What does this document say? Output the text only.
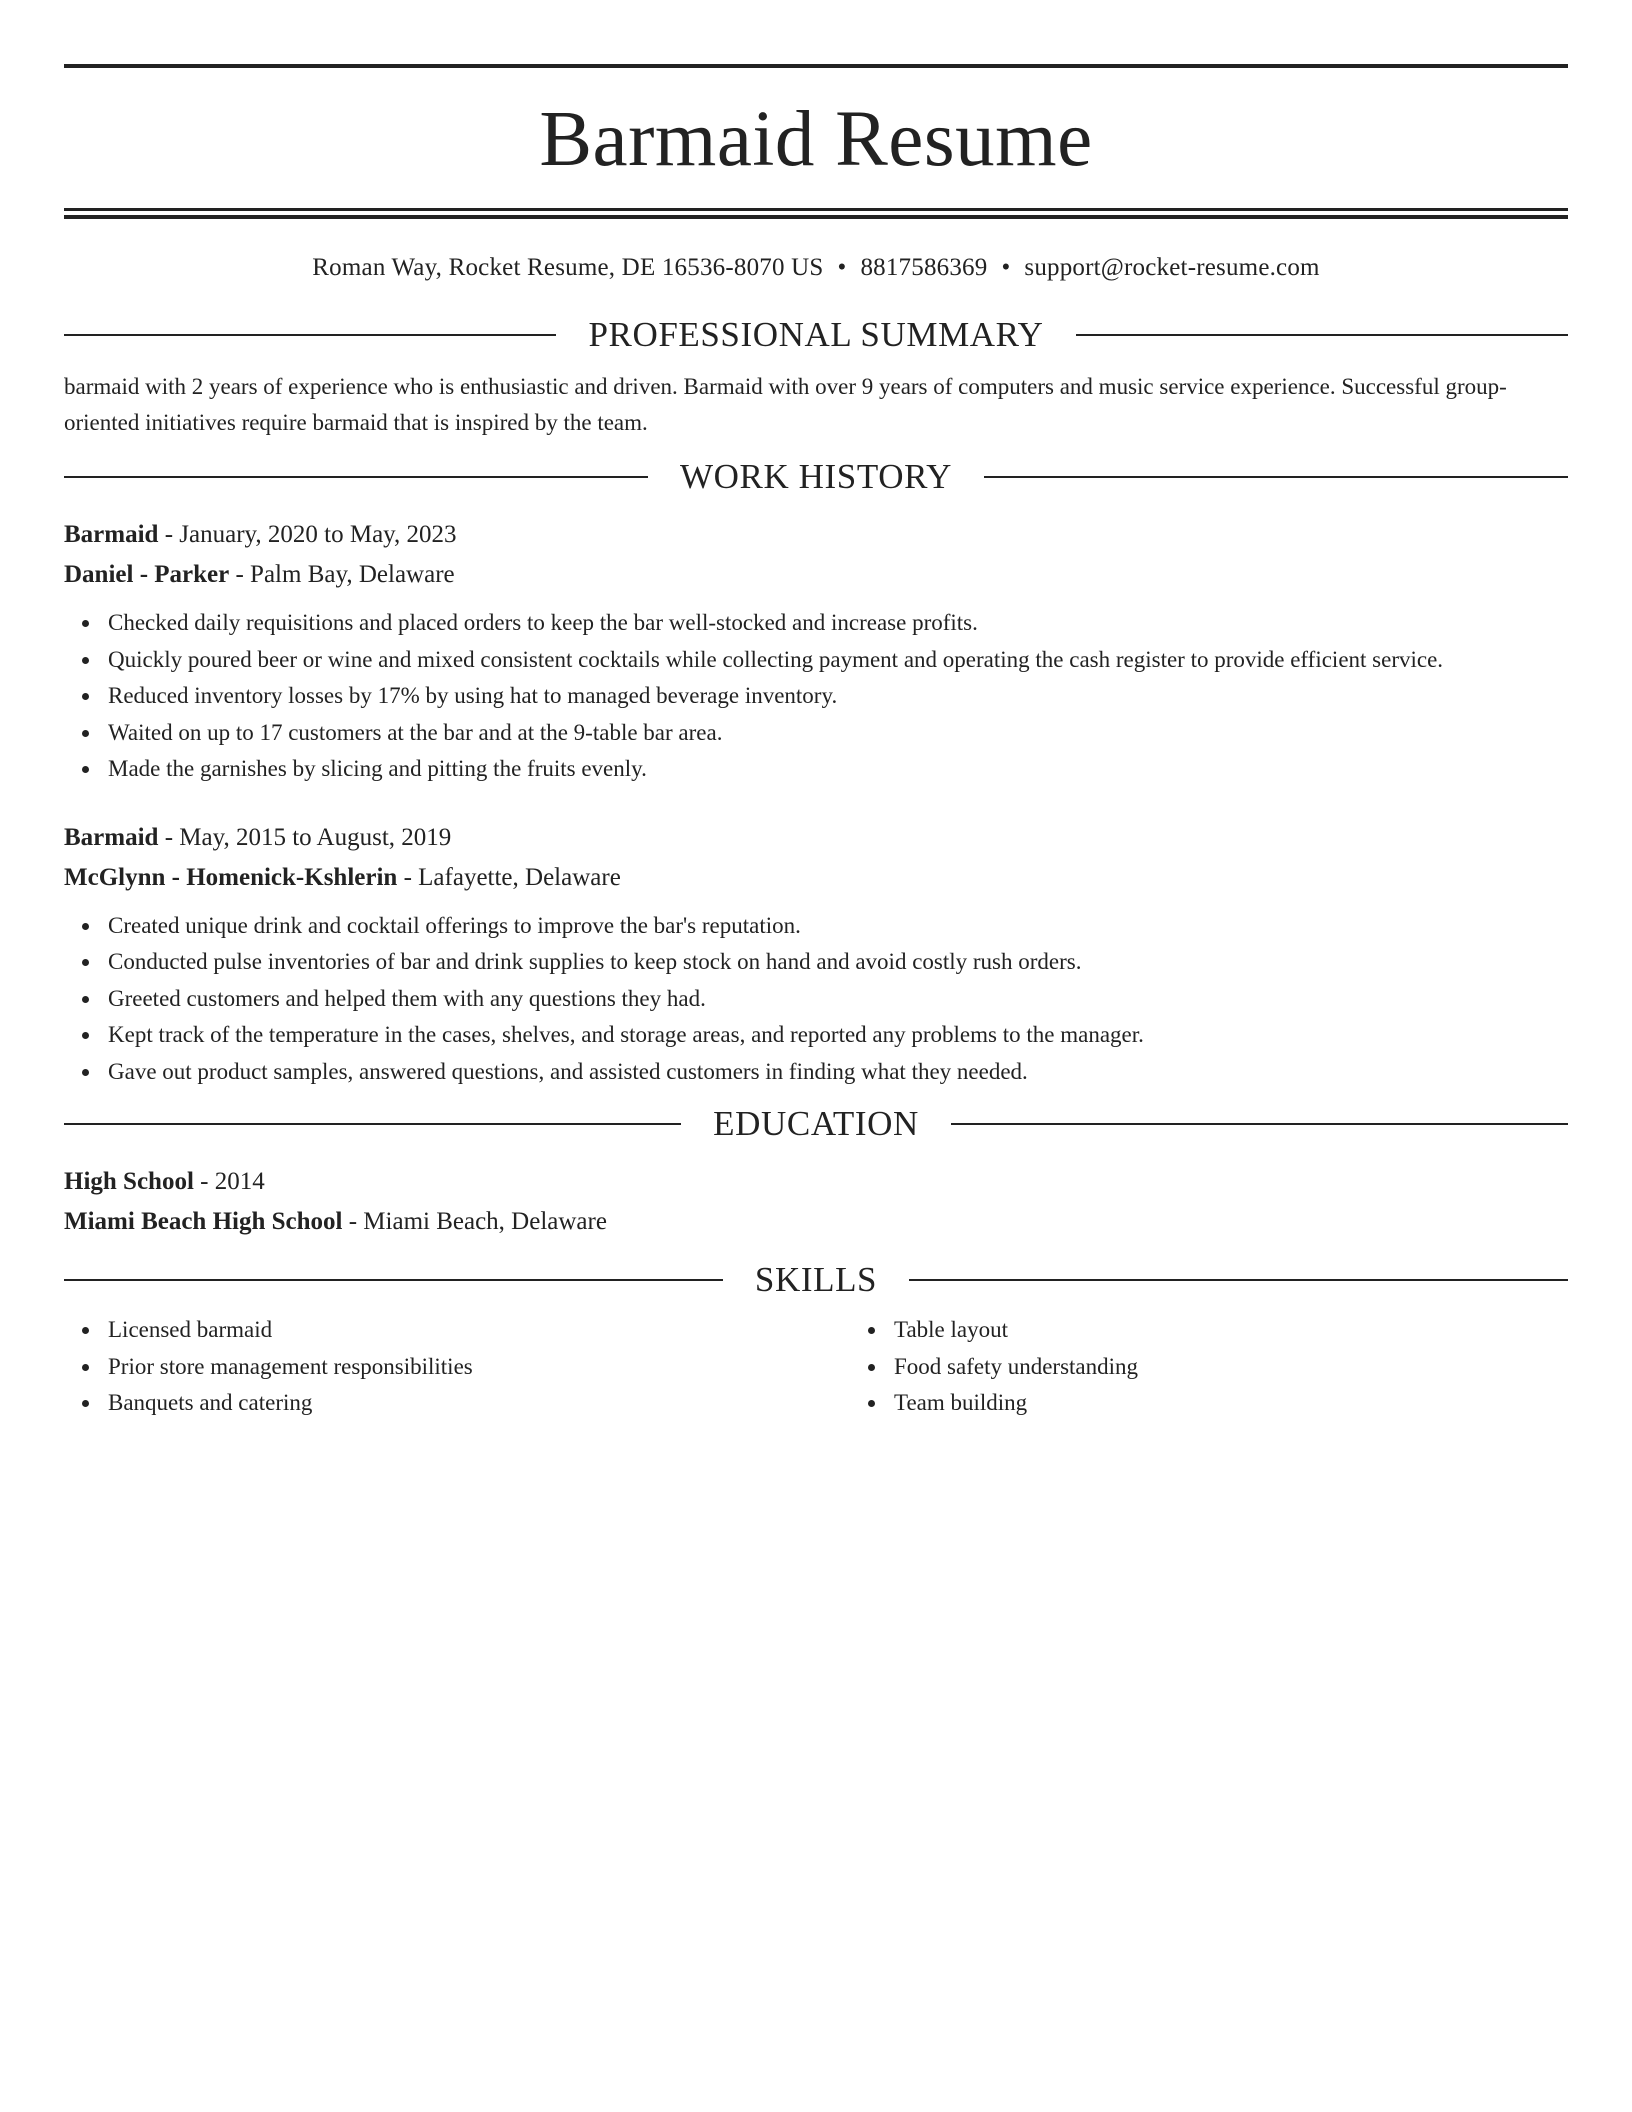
Barmaid Resume
Roman Way, Rocket Resume, DE 16536-8070 US • 8817586369 • support@rocket-resume.com
PROFESSIONAL SUMMARY
barmaid with 2 years of experience who is enthusiastic and driven. Barmaid with over 9 years of computers and music service experience. Successful group-oriented initiatives require barmaid that is inspired by the team.
WORK HISTORY
Barmaid - January, 2020 to May, 2023
Daniel - Parker - Palm Bay, Delaware
Checked daily requisitions and placed orders to keep the bar well-stocked and increase profits.
Quickly poured beer or wine and mixed consistent cocktails while collecting payment and operating the cash register to provide efficient service.
Reduced inventory losses by 17% by using hat to managed beverage inventory.
Waited on up to 17 customers at the bar and at the 9-table bar area.
Made the garnishes by slicing and pitting the fruits evenly.
Barmaid - May, 2015 to August, 2019
McGlynn - Homenick-Kshlerin - Lafayette, Delaware
Created unique drink and cocktail offerings to improve the bar's reputation.
Conducted pulse inventories of bar and drink supplies to keep stock on hand and avoid costly rush orders.
Greeted customers and helped them with any questions they had.
Kept track of the temperature in the cases, shelves, and storage areas, and reported any problems to the manager.
Gave out product samples, answered questions, and assisted customers in finding what they needed.
EDUCATION
High School - 2014
Miami Beach High School - Miami Beach, Delaware
SKILLS
Licensed barmaid
Prior store management responsibilities
Banquets and catering
Table layout
Food safety understanding
Team building
